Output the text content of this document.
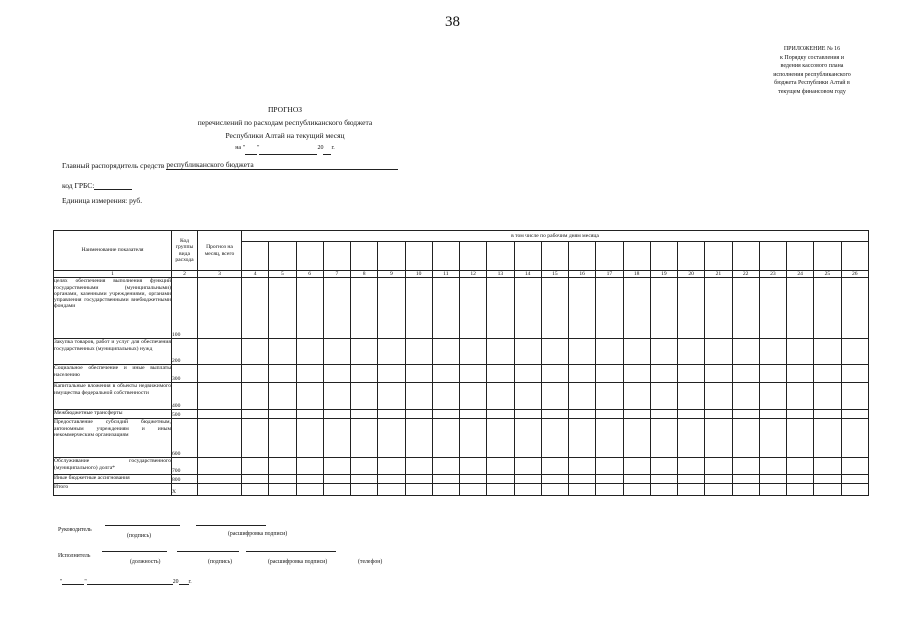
38
ПРИЛОЖЕНИЕ № 16
к Порядку составления и
ведения кассового плана
исполнения республиканского
бюджета Республики Алтай в
текущем финансовом году
ПРОГНОЗ
перечислений по расходам республиканского бюджета
Республики Алтай на текущий месяц
на " "	20 г.
Главный распорядитель средств республиканского бюджета
код ГРБС:
Единица измерения: руб.
Наименование показателя	Код группы вида расхода	Прогноз на месяц, всего	в том числе по рабочим дням месяца																						

1	2	3	4	5	6	7	8	9	10	11	12	13	14	15	16	17	18	19	20	21	22	23	24	25	26
целях обеспечения выполнения функций государственными (муниципальными) органами, казенными учреждениями, органами управления государственными внебюджетными фондами	100																								
Закупка товаров, работ и услуг для обеспечения государственных (муниципальных) нужд	200																								
Социальное обеспечение и иные выплаты населению	300																								
Капитальные вложения в объекты недвижимого имущества федеральной собственности	400																								
Межбюджетные трансферты	500																								
Предоставление субсидий бюджетным, автономным учреждениям и иным некоммерческим организациям	600																								
Обслуживание государственного (муниципального) долга*	700																								
Иные бюджетные ассигнования	800																								
Итого	X																								
Руководитель
(подпись)	(расшифровка подписи)
Исполнитель
(должность)	(подпись)	(расшифровка подписи)	(телефон)
"	"	20 г.
